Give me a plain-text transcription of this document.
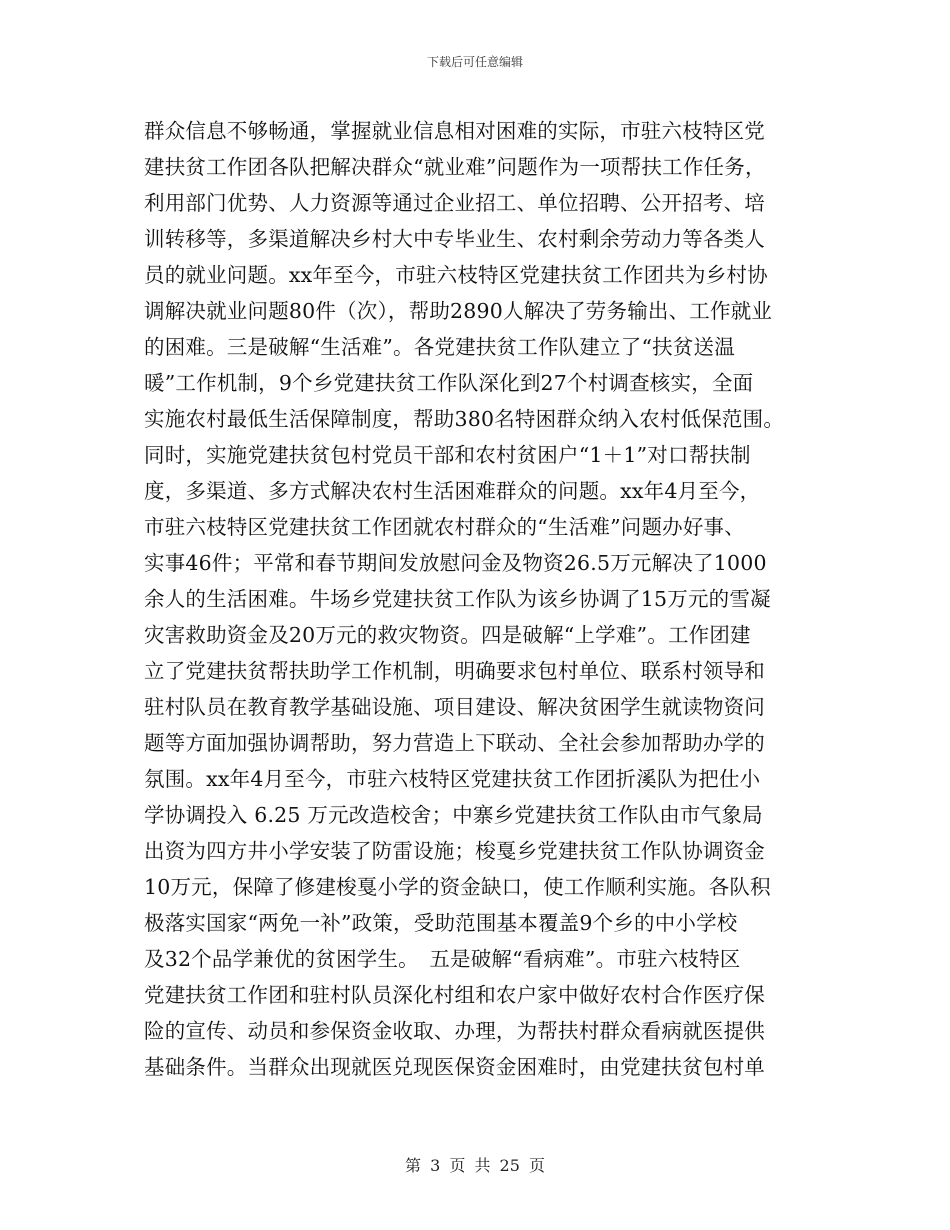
下载后可任意编辑
群众信息不够畅通，掌握就业信息相对困难的实际，市驻六枝特区党
建扶贫工作团各队把解决群众“就业难”问题作为一项帮扶工作任务，
利用部门优势、人力资源等通过企业招工、单位招聘、公开招考、培
训转移等，多渠道解决乡村大中专毕业生、农村剩余劳动力等各类人
员的就业问题。xx年至今，市驻六枝特区党建扶贫工作团共为乡村协
调解决就业问题80件（次），帮助2890人解决了劳务输出、工作就业
的困难。三是破解“生活难”。各党建扶贫工作队建立了“扶贫送温
暖”工作机制，9个乡党建扶贫工作队深化到27个村调查核实，全面
实施农村最低生活保障制度，帮助380名特困群众纳入农村低保范围。
同时，实施党建扶贫包村党员干部和农村贫困户“1＋1”对口帮扶制
度，多渠道、多方式解决农村生活困难群众的问题。xx年4月至今，
市驻六枝特区党建扶贫工作团就农村群众的“生活难”问题办好事、
实事46件；平常和春节期间发放慰问金及物资26.5万元解决了1000
余人的生活困难。牛场乡党建扶贫工作队为该乡协调了15万元的雪凝
灾害救助资金及20万元的救灾物资。四是破解“上学难”。工作团建
立了党建扶贫帮扶助学工作机制，明确要求包村单位、联系村领导和
驻村队员在教育教学基础设施、项目建设、解决贫困学生就读物资问
题等方面加强协调帮助，努力营造上下联动、全社会参加帮助办学的
氛围。xx年4月至今，市驻六枝特区党建扶贫工作团折溪队为把仕小
学协调投入 6.25 万元改造校舍；中寨乡党建扶贫工作队由市气象局
出资为四方井小学安装了防雷设施；梭戛乡党建扶贫工作队协调资金
10万元，保障了修建梭戛小学的资金缺口，使工作顺利实施。各队积
极落实国家“两免一补”政策，受助范围基本覆盖9个乡的中小学校
及32个品学兼优的贫困学生。　五是破解“看病难”。市驻六枝特区
党建扶贫工作团和驻村队员深化村组和农户家中做好农村合作医疗保
险的宣传、动员和参保资金收取、办理，为帮扶村群众看病就医提供
基础条件。当群众出现就医兑现医保资金困难时，由党建扶贫包村单
第 3 页 共 25 页
